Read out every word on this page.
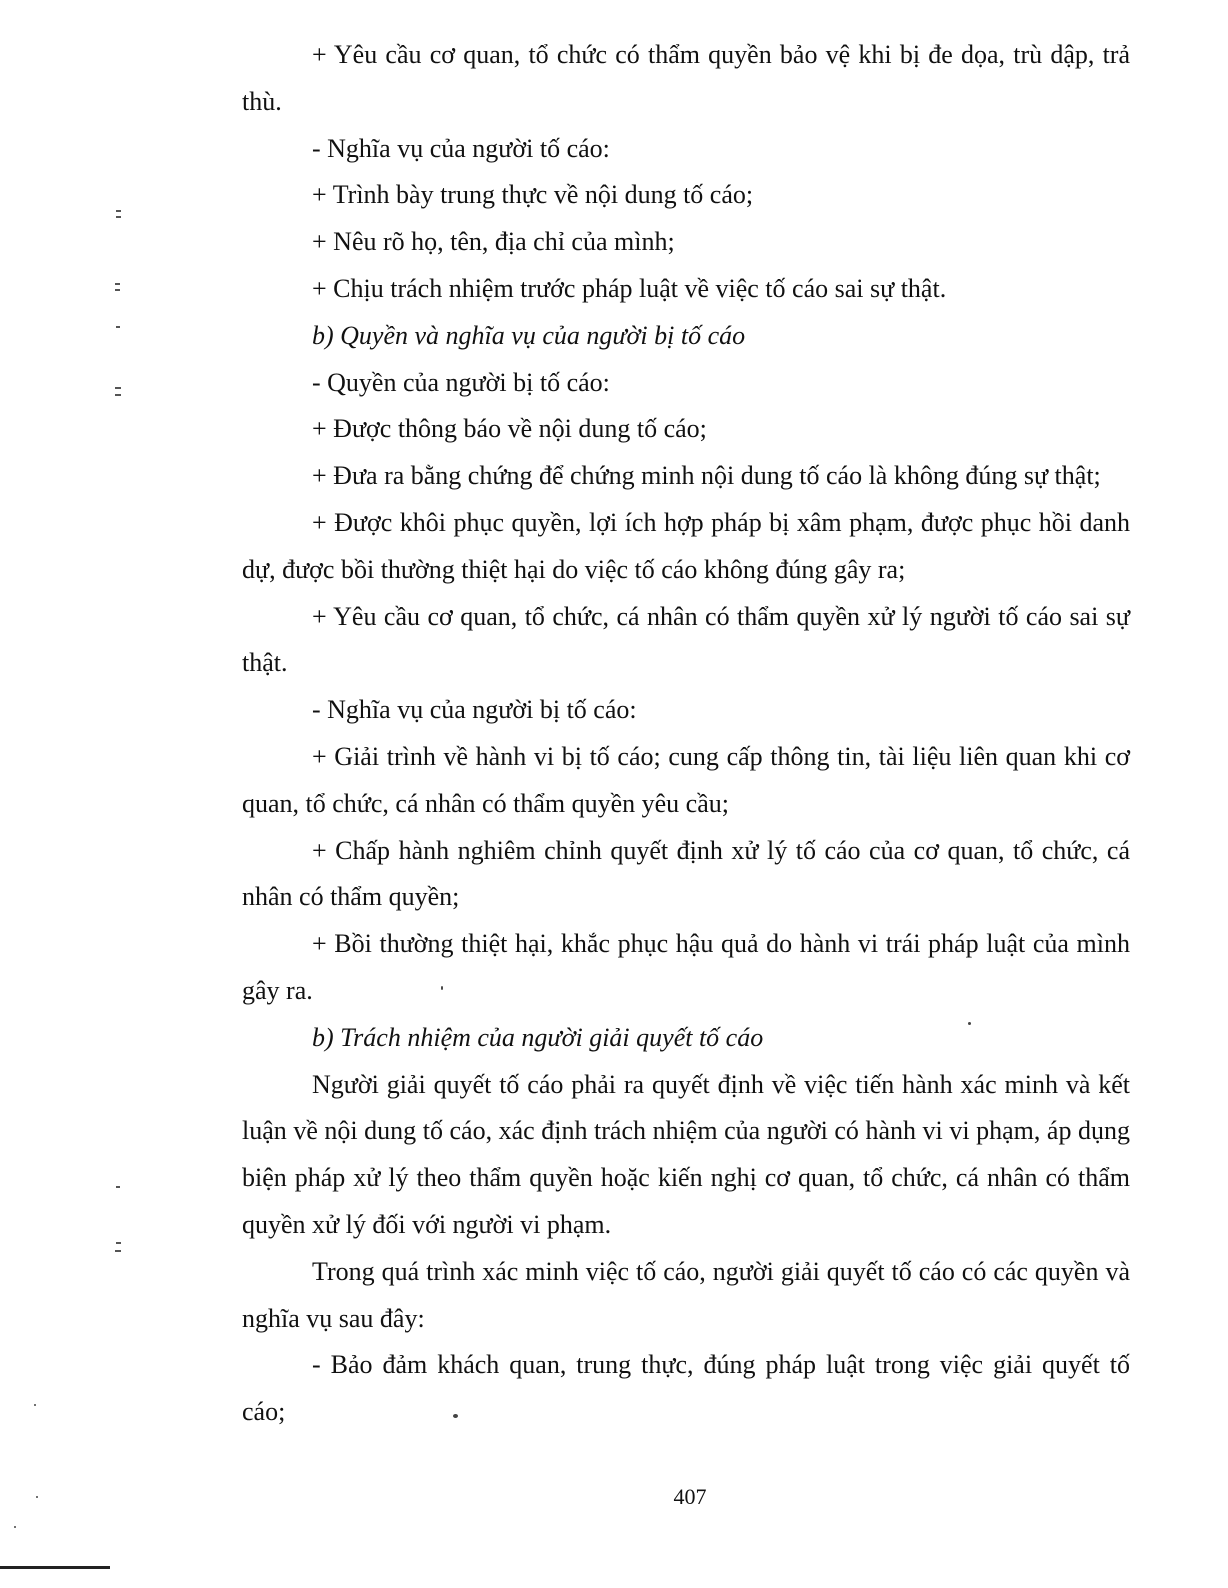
+ Yêu cầu cơ quan, tổ chức có thẩm quyền bảo vệ khi bị đe dọa, trù dập, trả thù.

- Nghĩa vụ của người tố cáo:

+ Trình bày trung thực về nội dung tố cáo;

+ Nêu rõ họ, tên, địa chỉ của mình;

+ Chịu trách nhiệm trước pháp luật về việc tố cáo sai sự thật.

b) Quyền và nghĩa vụ của người bị tố cáo

- Quyền của người bị tố cáo:

+ Được thông báo về nội dung tố cáo;

+ Đưa ra bằng chứng để chứng minh nội dung tố cáo là không đúng sự thật;

+ Được khôi phục quyền, lợi ích hợp pháp bị xâm phạm, được phục hồi danh dự, được bồi thường thiệt hại do việc tố cáo không đúng gây ra;

+ Yêu cầu cơ quan, tổ chức, cá nhân có thẩm quyền xử lý người tố cáo sai sự thật.

- Nghĩa vụ của người bị tố cáo:

+ Giải trình về hành vi bị tố cáo; cung cấp thông tin, tài liệu liên quan khi cơ quan, tổ chức, cá nhân có thẩm quyền yêu cầu;

+ Chấp hành nghiêm chỉnh quyết định xử lý tố cáo của cơ quan, tổ chức, cá nhân có thẩm quyền;

+ Bồi thường thiệt hại, khắc phục hậu quả do hành vi trái pháp luật của mình gây ra.

b) Trách nhiệm của người giải quyết tố cáo

Người giải quyết tố cáo phải ra quyết định về việc tiến hành xác minh và kết luận về nội dung tố cáo, xác định trách nhiệm của người có hành vi vi phạm, áp dụng biện pháp xử lý theo thẩm quyền hoặc kiến nghị cơ quan, tổ chức, cá nhân có thẩm quyền xử lý đối với người vi phạm.

Trong quá trình xác minh việc tố cáo, người giải quyết tố cáo có các quyền và nghĩa vụ sau đây:

- Bảo đảm khách quan, trung thực, đúng pháp luật trong việc giải quyết tố cáo;

407
